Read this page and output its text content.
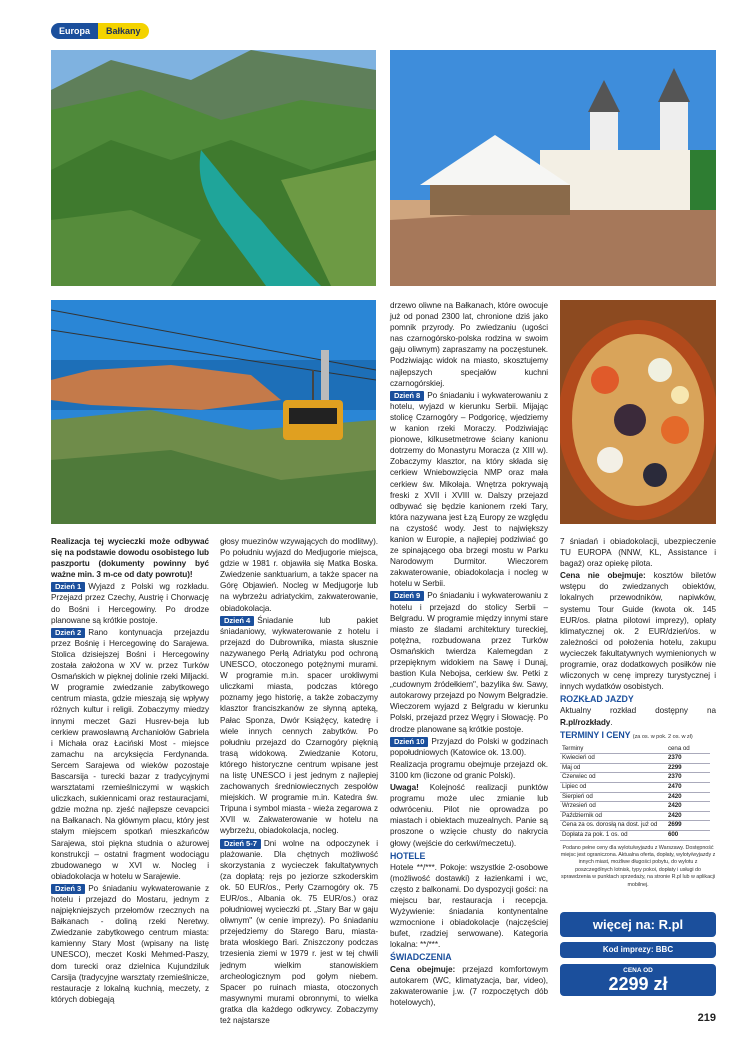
Europa	Bałkany

Realizacja tej wycieczki może odbywać się na podstawie dowodu osobistego lub paszportu (dokumenty powinny być ważne min. 3 m-ce od daty powrotu)!

Dzień 1 Wyjazd z Polski wg rozkładu. Przejazd przez Czechy, Austrię i Chorwację do Bośni i Hercegowiny. Po drodze planowane są krótkie postoje.

Dzień 2 Rano kontynuacja przejazdu przez Bośnię i Hercegowinę do Sarajewa. Stolica dzisiejszej Bośni i Hercegowiny została założona w XV w. przez Turków Osmańskich w pięknej dolinie rzeki Miljacki. W programie zwiedzanie zabytkowego centrum miasta, gdzie mieszają się wpływy różnych kultur i religii. Zobaczymy miedzy innymi meczet Gazi Husrev-beja lub cerkiew prawosławną Archaniołów Gabriela i Michała oraz Łaciński Most - miejsce zamachu na arcyksięcia Ferdynanda. Sercem Sarajewa od wieków pozostaje Bascarsija - turecki bazar z tradycyjnymi warsztatami rzemieślniczymi w wąskich uliczkach, sukiennicami oraz restauracjami, gdzie można np. zjeść najlepsze cevapcici na Bałkanach. Na głównym placu, który jest stałym miejscem spotkań mieszkańców Sarajewa, stoi piękna studnia o ażurowej konstrukcji – ostatni fragment wodociągu zbudowanego w XVI w. Nocleg i obiadokolacja w hotelu w Sarajewie.

Dzień 3 Po śniadaniu wykwaterowanie z hotelu i przejazd do Mostaru, jednym z najpiękniejszych przełomów rzecznych na Bałkanach - doliną rzeki Neretwy. Zwiedzanie zabytkowego centrum miasta: kamienny Stary Most (wpisany na listę UNESCO), meczet Koski Mehmed-Paszy, dom turecki oraz dzielnica Kujundziluk Carsija (tradycyjne warsztaty rzemieślnicze, restauracje z lokalną kuchnią, meczety, z których dobiegają

głosy muezinów wzywających do modlitwy). Po południu wyjazd do Medjugorie miejsca, gdzie w 1981 r. objawiła się Matka Boska. Zwiedzenie sanktuarium, a także spacer na Górę Objawień. Nocleg w Medjugorje lub na wybrzeżu adriatyckim, zakwaterowanie, obiadokolacja.

Dzień 4 Śniadanie lub pakiet śniadaniowy, wykwaterowanie z hotelu i przejazd do Dubrownika, miasta słusznie nazywanego Perłą Adriatyku pod ochroną UNESCO, otoczonego potężnymi murami. W programie m.in. spacer urokliwymi uliczkami miasta, podczas którego poznamy jego historię, a także zobaczymy klasztor franciszkanów ze słynną apteką, Pałac Sponza, Dwór Książęcy, katedrę i wiele innych cennych zabytków. Po południu przejazd do Czarnogóry pięknią trasą widokową. Zwiedzanie Kotoru, którego historyczne centrum wpisane jest na listę UNESCO i jest jednym z najlepiej zachowanych średniowiecznych zespołów miejskich. W programie m.in. Katedra św. Tripuna i symbol miasta - wieża zegarowa z XVII w. Zakwaterowanie w hotelu na wybrzeżu, obiadokolacja, nocleg.

Dzień 5-7 Dni wolne na odpoczynek i plażowanie. Dla chętnych możliwość skorzystania z wycieczek fakultatywnych (za dopłatą: rejs po jeziorze szkoderskim ok. 50 EUR/os., Perły Czarnogóry ok. 75 EUR/os., Albania ok. 75 EUR/os.) oraz południowej wycieczki pt. „Stary Bar w gaju oliwnym" (w cenie imprezy). Po śniadaniu przejedziemy do Starego Baru, miasta-brata włoskiego Bari. Zniszczony podczas trzesienia ziemi w 1979 r. jest w tej chwili jednym wielkim stanowiskiem archeologicznym pod gołym niebem. Spacer po ruinach miasta, otoczonych masywnymi murami obronnymi, to wielka gratka dla każdego odkrywcy. Zobaczymy też najstarsze

drzewo oliwne na Bałkanach, które owocuje już od ponad 2300 lat, chronione dziś jako pomnik przyrody. Po zwiedzaniu (ugości nas czarnogórsko-polska rodzina w swoim gaju oliwnym) zapraszamy na poczęstunek. Podziwiając widok na miasto, skosztujemy najlepszych specjałów kuchni czarnogórskiej.

Dzień 8 Po śniadaniu i wykwaterowaniu z hotelu, wyjazd w kierunku Serbii. Mijając stolicę Czarnogóry – Podgoricę, wjedziemy w kanion rzeki Moraczy. Podziwiając pionowe, kilkusetmetrowe ściany kanionu dotrzemy do Monastyru Moracza (z XIII w). Zobaczymy klasztor, na który składa się cerkiew Wniebowzięcia NMP oraz mała cerkiew św. Mikołaja. Wnętrza pokrywają freski z XVII i XVIII w. Dalszy przejazd odbywać się będzie kanionem rzeki Tary, która nazywana jest Łzą Europy ze względu na czystość wody. Jest to największy kanion w Europie, a najlepiej podziwiać go ze spinającego oba brzegi mostu w Parku Narodowym Durmitor. Wieczorem zakwaterowanie, obiadokolacja i nocleg w hotelu w Serbii.

Dzień 9 Po śniadaniu i wykwaterowaniu z hotelu i przejazd do stolicy Serbii – Belgradu. W programie między innymi stare miasto ze śladami architektury tureckiej, potężna, rozbudowana przez Turków Osmańskich twierdza Kalemegdan z przepięknym widokiem na Sawę i Dunaj, bastion Kula Nebojsa, cerkiew św. Petki z „cudownym źródełkiem", bazylika św. Sawy, autokarowy przejazd po Nowym Belgradzie. Wieczorem wyjazd z Belgradu w kierunku Polski, przejazd przez Węgry i Słowację. Po drodze planowane są krótkie postoje.

Dzień 10 Przyjazd do Polski w godzinach popołudniowych (Katowice ok. 13.00).

Realizacja programu obejmuje przejazd ok. 3100 km (liczone od granic Polski).

Uwaga! Kolejność realizacji punktów programu może ulec zmianie lub odwróceniu. Pilot nie oprowadza po miastach i obiektach muzealnych. Panie są proszone o wzięcie chusty do nakrycia głowy (wejście do cerkwi/meczetu).

HOTELE

Hotele **/***. Pokoje: wszystkie 2-osobowe (możliwość dostawki) z łazienkami i wc, często z balkonami. Do dyspozycji gości: na miejscu bar, restauracja i recepcja. Wyżywienie: śniadania kontynentalne wzmocnione i obiadokolacje (najczęściej bufet, rzadziej serwowane). Kategoria lokalna: **/***.

ŚWIADCZENIA

Cena obejmuje: przejazd komfortowym autokarem (WC, klimatyzacja, bar, video), zakwaterowanie j.w. (7 rozpoczętych dób hotelowych),

7 śniadań i obiadokolacji, ubezpieczenie TU EUROPA (NNW, KL, Assistance i bagaż) oraz opiekę pilota.

Cena nie obejmuje: kosztów biletów wstępu do zwiedzanych obiektów, lokalnych przewodników, napiwków, systemu Tour Guide (kwota ok. 145 EUR/os. płatna pilotowi imprezy), opłaty klimatycznej ok. 2 EUR/dzień/os. w zależności od położenia hotelu, zakupu wycieczek fakultatywnych wymienionych w programie, oraz dodatkowych posiłków nie wliczonych w cenę imprezy turystycznej i innych wydatków osobistych.

ROZKŁAD JAZDY

Aktualny rozkład dostępny na R.pl/rozkłady.

TERMINY I CENY (za os. w pok. 2 os. w zł)
Terminy	cena od
Kwiecień od	2370
Maj od	2299
Czerwiec od	2370
Lipiec od	2470
Sierpień od	2420
Wrzesień od	2420
Październik od	2420
Cena za os. dorosłą na dost. już od	2699
Dopłata za pok. 1 os. od	600
Podano pełne ceny dla wylotu/wyjazdu z Warszawy. Dostępność miejsc jest ograniczona. Aktualna oferta, dopłaty, wyloty/wyjazdy z innych miast, możliwe długości pobytu, do wylotu z poszczególnych lotnisk, typy pokoi, dopłaty i usługi do sprawdzenia w punktach sprzedaży, na stronie R.pl lub w aplikacji mobilnej.
więcej na: R.pl
Kod imprezy: BBC
CENA OD
2299 zł
219
